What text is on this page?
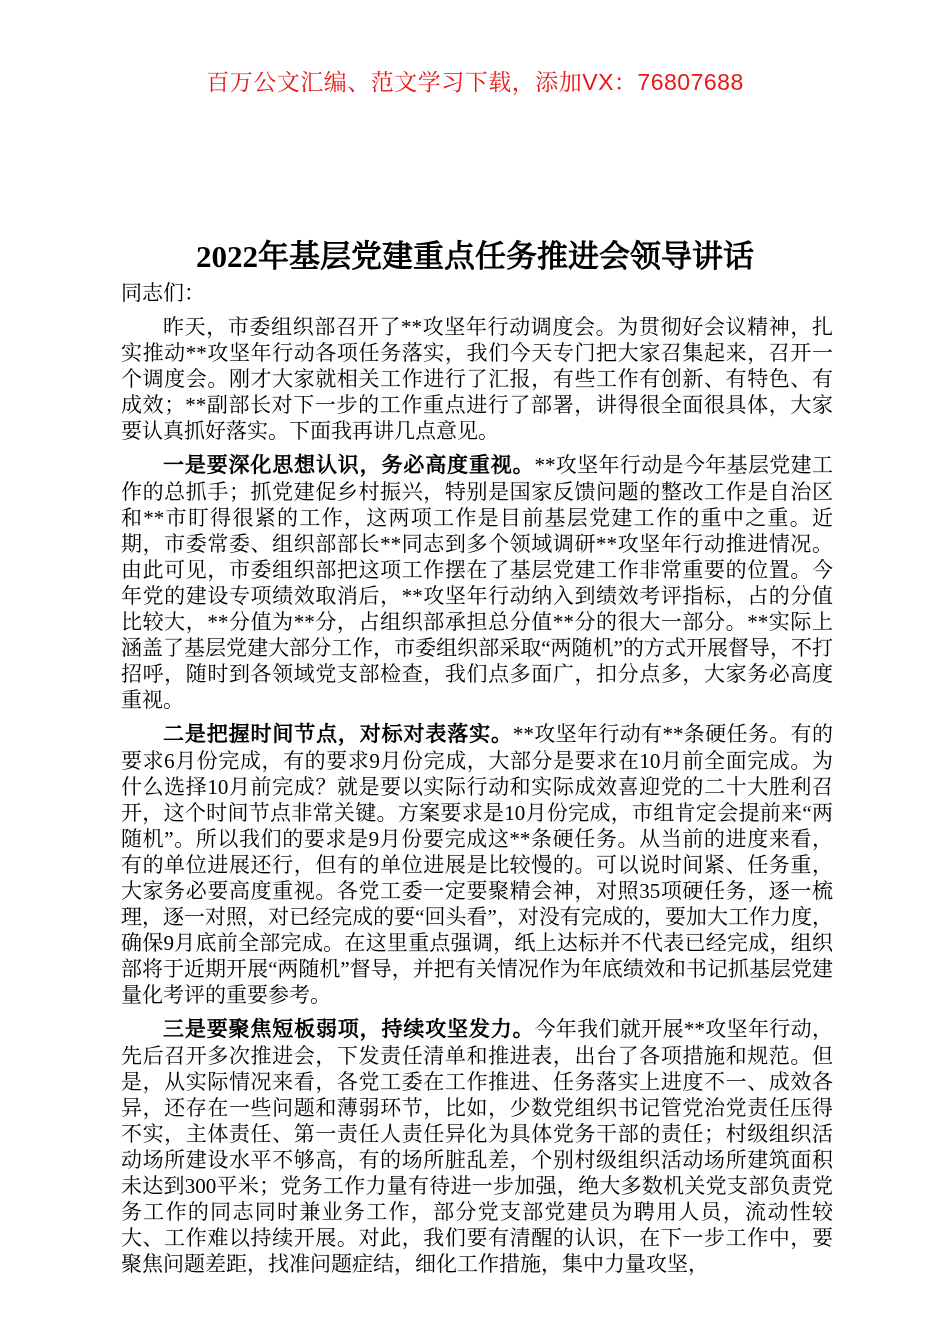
百万公文汇编、范文学习下载，添加VX：76807688
2022年基层党建重点任务推进会领导讲话

同志们：

昨天，市委组织部召开了**攻坚年行动调度会。为贯彻好会议精神，扎实推动**攻坚年行动各项任务落实，我们今天专门把大家召集起来，召开一个调度会。刚才大家就相关工作进行了汇报，有些工作有创新、有特色、有成效；**副部长对下一步的工作重点进行了部署，讲得很全面很具体，大家要认真抓好落实。下面我再讲几点意见。

一是要深化思想认识，务必高度重视。**攻坚年行动是今年基层党建工作的总抓手；抓党建促乡村振兴，特别是国家反馈问题的整改工作是自治区和**市盯得很紧的工作，这两项工作是目前基层党建工作的重中之重。近期，市委常委、组织部部长**同志到多个领域调研**攻坚年行动推进情况。由此可见，市委组织部把这项工作摆在了基层党建工作非常重要的位置。今年党的建设专项绩效取消后，**攻坚年行动纳入到绩效考评指标，占的分值比较大，**分值为**分，占组织部承担总分值**分的很大一部分。**实际上涵盖了基层党建大部分工作，市委组织部采取“两随机”的方式开展督导，不打招呼，随时到各领域党支部检查，我们点多面广，扣分点多，大家务必高度重视。

二是把握时间节点，对标对表落实。**攻坚年行动有**条硬任务。有的要求6月份完成，有的要求9月份完成，大部分是要求在10月前全面完成。为什么选择10月前完成？就是要以实际行动和实际成效喜迎党的二十大胜利召开，这个时间节点非常关键。方案要求是10月份完成，市组肯定会提前来“两随机”。所以我们的要求是9月份要完成这**条硬任务。从当前的进度来看，有的单位进展还行，但有的单位进展是比较慢的。可以说时间紧、任务重，大家务必要高度重视。各党工委一定要聚精会神，对照35项硬任务，逐一梳理，逐一对照，对已经完成的要“回头看”，对没有完成的，要加大工作力度，确保9月底前全部完成。在这里重点强调，纸上达标并不代表已经完成，组织部将于近期开展“两随机”督导，并把有关情况作为年底绩效和书记抓基层党建量化考评的重要参考。

三是要聚焦短板弱项，持续攻坚发力。今年我们就开展**攻坚年行动，先后召开多次推进会，下发责任清单和推进表，出台了各项措施和规范。但是，从实际情况来看，各党工委在工作推进、任务落实上进度不一、成效各异，还存在一些问题和薄弱环节，比如，少数党组织书记管党治党责任压得不实，主体责任、第一责任人责任异化为具体党务干部的责任；村级组织活动场所建设水平不够高，有的场所脏乱差，个别村级组织活动场所建筑面积未达到300平米；党务工作力量有待进一步加强，绝大多数机关党支部负责党务工作的同志同时兼业务工作，部分党支部党建员为聘用人员，流动性较大、工作难以持续开展。对此，我们要有清醒的认识，在下一步工作中，要聚焦问题差距，找准问题症结，细化工作措施，集中力量攻坚，
